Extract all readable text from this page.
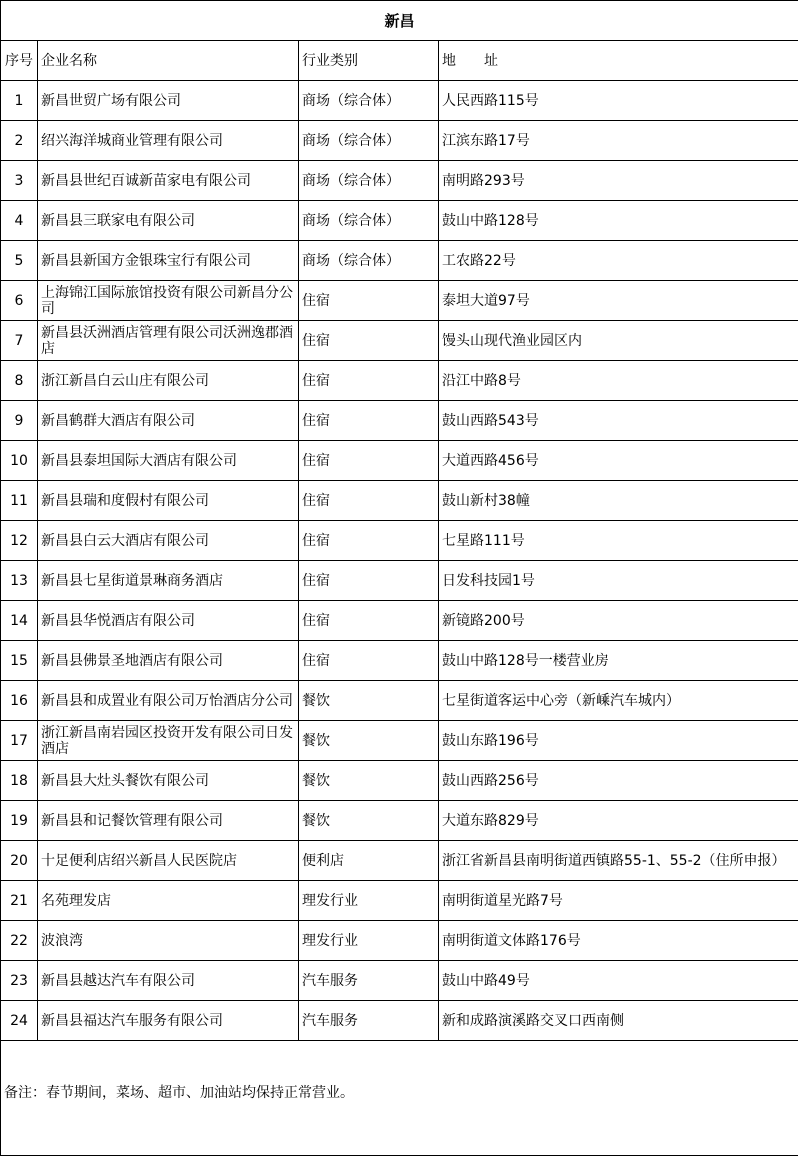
新昌			
序号	企业名称	行业类别	地　　址
1	新昌世贸广场有限公司	商场（综合体）	人民西路115号
2	绍兴海洋城商业管理有限公司	商场（综合体）	江滨东路17号
3	新昌县世纪百诚新苗家电有限公司	商场（综合体）	南明路293号
4	新昌县三联家电有限公司	商场（综合体）	鼓山中路128号
5	新昌县新国方金银珠宝行有限公司	商场（综合体）	工农路22号
6	上海锦江国际旅馆投资有限公司新昌分公司	住宿	泰坦大道97号
7	新昌县沃洲酒店管理有限公司沃洲逸郡酒店	住宿	馒头山现代渔业园区内
8	浙江新昌白云山庄有限公司	住宿	沿江中路8号
9	新昌鹤群大酒店有限公司	住宿	鼓山西路543号
10	新昌县泰坦国际大酒店有限公司	住宿	大道西路456号
11	新昌县瑞和度假村有限公司	住宿	鼓山新村38幢
12	新昌县白云大酒店有限公司	住宿	七星路111号
13	新昌县七星街道景琳商务酒店	住宿	日发科技园1号
14	新昌县华悦酒店有限公司	住宿	新镜路200号
15	新昌县佛景圣地酒店有限公司	住宿	鼓山中路128号一楼营业房
16	新昌县和成置业有限公司万怡酒店分公司	餐饮	七星街道客运中心旁（新嵊汽车城内）
17	浙江新昌南岩园区投资开发有限公司日发酒店	餐饮	鼓山东路196号
18	新昌县大灶头餐饮有限公司	餐饮	鼓山西路256号
19	新昌县和记餐饮管理有限公司	餐饮	大道东路829号
20	十足便利店绍兴新昌人民医院店	便利店	浙江省新昌县南明街道西镇路55-1、55-2（住所申报）
21	名苑理发店	理发行业	南明街道星光路7号
22	波浪湾	理发行业	南明街道文体路176号
23	新昌县越达汽车有限公司	汽车服务	鼓山中路49号
24	新昌县福达汽车服务有限公司	汽车服务	新和成路演溪路交叉口西南侧

备注：春节期间，菜场、超市、加油站均保持正常营业。			
